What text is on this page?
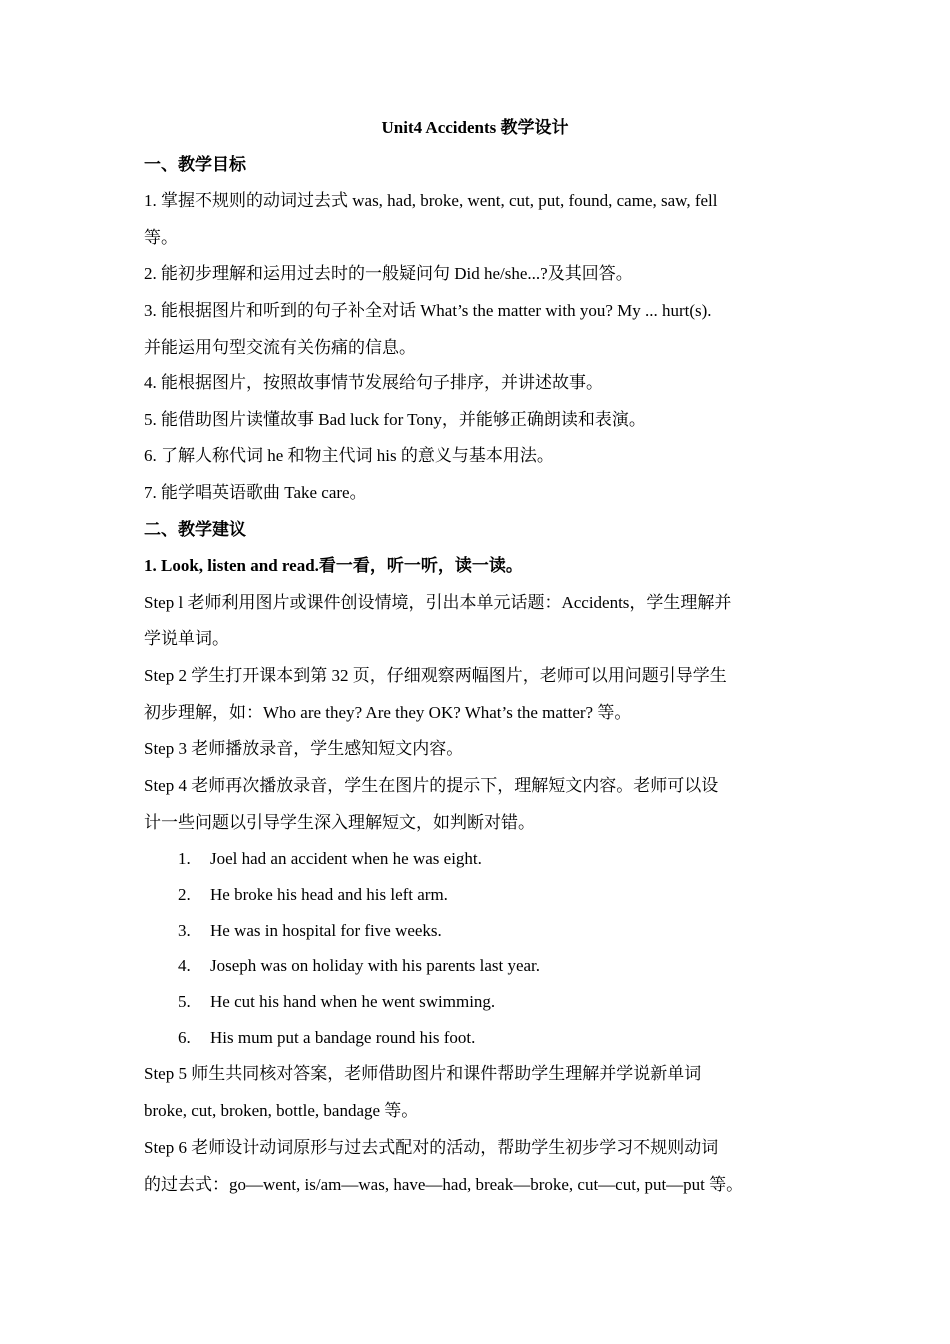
Unit4 Accidents 教学设计
一、教学目标
1. 掌握不规则的动词过去式 was, had, broke, went, cut, put, found, came, saw, fell
等。
2. 能初步理解和运用过去时的一般疑问句 Did he/she...?及其回答。
3. 能根据图片和听到的句子补全对话 What’s the matter with you? My ... hurt(s).
并能运用句型交流有关伤痛的信息。
4. 能根据图片，按照故事情节发展给句子排序，并讲述故事。
5. 能借助图片读懂故事 Bad luck for Tony，并能够正确朗读和表演。
6. 了解人称代词 he 和物主代词 his 的意义与基本用法。
7. 能学唱英语歌曲 Take care。
二、教学建议
1. Look, listen and read.看一看，听一听，读一读。
Step l 老师利用图片或课件创设情境，引出本单元话题：Accidents，学生理解并
学说单词。
Step 2 学生打开课本到第 32 页，仔细观察两幅图片，老师可以用问题引导学生
初步理解，如：Who are they? Are they OK? What’s the matter? 等。
Step 3 老师播放录音，学生感知短文内容。
Step 4 老师再次播放录音，学生在图片的提示下，理解短文内容。老师可以设
计一些问题以引导学生深入理解短文，如判断对错。
1. Joel had an accident when he was eight.
2. He broke his head and his left arm.
3. He was in hospital for five weeks.
4. Joseph was on holiday with his parents last year.
5. He cut his hand when he went swimming.
6. His mum put a bandage round his foot.
Step 5 师生共同核对答案，老师借助图片和课件帮助学生理解并学说新单词
broke, cut, broken, bottle, bandage 等。
Step 6 老师设计动词原形与过去式配对的活动，帮助学生初步学习不规则动词
的过去式：go—went, is/am—was, have—had, break—broke, cut—cut, put—put 等。
